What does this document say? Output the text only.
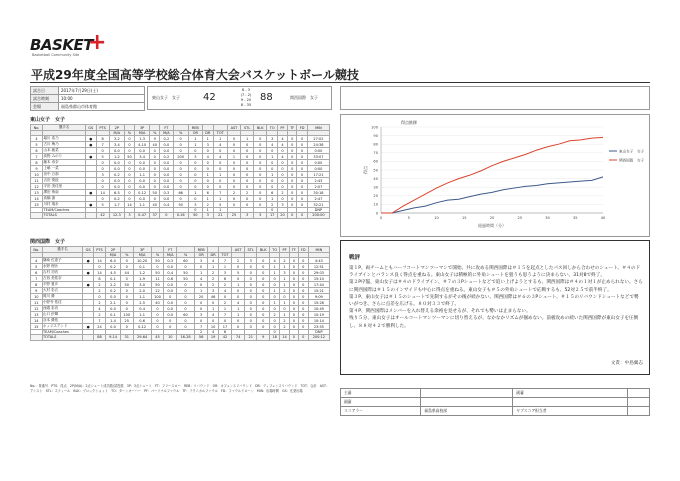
BASKET
+
Basketball Community Site
平成29年度全国高等学校総合体育大会バスケットボール競技
試合日	2017年7月29日(土)
試合時刻	10:00
会場	福島県郡山市体育館
東山女子　女子 42
8 - 3
(7 - 2)
9 - 20
8 - 35
88	関西国際　女子
東山女子　女子
No.	選手名	GS	PTS	2P		3P		FT		REB			AST	STL	BLK	TO	PF	TF	FD	MIN
				M/A	%	M/A	%	M/A	%	OR	DR	TOT								
4	堀川 浩乃	●	8	3-2	0	1-3	9	0-2	0	1	1	1	0	1	0	3	4	0	0	27:02
5	古川 梅乃	●	7	3-4	0	4-10	40	0-0	0	1	3	4	0	0	0	4	4	0	0	24:38
6	山本 綾菜		0	0-0	0	0-0	0	0-0	0	0	0	0	0	0	0	0	0	0	0	0:00
7	高野 みのり	●	5	1-2	50	3-4	0	0-2	200	3	4	4	1	0	0	1	4	0	0	33:07
8	藤本 寿奈		0	0-0	0	0-0	0	0-0	0	0	0	0	0	0	0	0	0	0	0	0:00
9	上嶋 一菜		0	0-0	0	0-0	0	0-0	0	0	0	0	0	0	0	0	0	0	0	0:00
10	田中 万那		3	0-2	0	1-1	0	0-0	0	0	1	1	0	0	0	1	0	0	0	17:21
11	吉田 梨絵		0	0-0	0	0-0	0	0-0	0	0	0	0	0	0	0	0	0	0	0	2:43
12	平田 美佳里		0	0-0	0	0-0	0	0-0	0	0	0	0	0	0	0	0	0	0	0	2:07
13	澤田 侑南	●	14	6-5	0	0-12	50	0-3	66	1	6	7	2	2	0	6	2	0	0	30:18
14	高橋 凛		0	0-2	0	0-0	0	0-0	0	0	1	1	0	0	0	1	0	0	0	2:47
15	川村 瑞步	●	5	1-7	14	1-1	40	0-4	50	3	2	5	0	0	0	2	3	0	0	32:21
	TEAM/Coaches									0	1	1				0				DNP
	TOTALS		42	12-3	3	0-47	37	0	0-16	50	3	21	25	3	3	17	20	0	0	200:00
関西国際　女子
No.	選手名	GS	PTS	2P		3P		FT		REB			AST	STL	BLK	TO	PF	TF	FD	MIN
				M/A	%	M/A	%	M/A	%	OR	DR	TOT								
4	篠崎 佐恵子	●	14	6-0	0	10-20	50	0-3	60	3	4	7	2	3	0	4	2	0	0	4:43
5	水野 理沙		0	0-2	0	0-1	0	0-0	0	0	1	1	0	0	0	1	1	0	0	12:51
6	吉村 初音	●	14	4-5	44	1-2	50	0-4	50	1	2	3	5	0	0	1	3	0	0	29:03
7	古西 美佑奈		8	0-1	0	1-9	11	0-6	50	4	2	6	0	0	0	0	1	0	0	15:10
8	平野 夏歩	●	2	2-2	50	3-0	50	0-0	0	0	2	2	1	0	0	0	1	0	0	17:44
9	大村 彩衣		2	0-2	0	2-0	12	0-0	0	1	3	4	0	0	0	1	2	0	0	15:21
10	岡川 優		0	0-0	0	1-1	100	0	0	20	46	0	0	0	0	0	0	0	0	9:09
11	小野寺 佑佳		2	2-1	0	2-5	40	0-0	0	0	0	2	4	0	0	1	1	0	0	15:28
12	西端 彩音		4	0-0	0	0-4	0	0-0	0	0	1	1	1	0	0	0	0	0	0	10:49
13	山口 紗輝		2	0-1	100	1-1	0	0-0	60	3	4	7	1	0	0	2	1	0	0	10:19
14	谷本 優依		7	1-4	25	0-6	0	0	0	0	0	0	0	0	0	0	2	0	0	10:14
15	ホッジスアンド	●	24	0-0	0	0-12	0	0	0	7	10	17	0	0	0	0	2	0	0	23:55
	TEAM/Coaches									2	4	6				0				DNP
	TOTALS		88	9-14	31	29-64	45	10	16-28	56	19	42	74	21	9	18	14	0	0	200:12
No.：背番号　PTS：得点　2P(M/A)：2点シュート成功数/試投数　3P：3点シュート　FT：フリースロー　REB：リバウンド　OR：オフェンスリバウンド　DR：ディフェンスリバウンド　TOT：合計　AST：アシスト　STL：スティール　BLK：ブロックショット　TO：ターンオーバー　PF：パーソナルファウル　TF：テクニカルファウル　FD：ファウルドローン　MIN：出場時間　GS：先発出場
得点推移
0
10
20
30
40
50
60
70
80
90
100
0	5	10	15	20	25	30	35	40
経過時間（分）
得点
東山女子　女子
関西国際　女子
戦評

第１P、両チームともハーフコートマンツーマンで開始。共に攻める関西国際は＃１５を起点としたパス回しから合わせのシュート、＃４のドライブインとバランス良く得点を重ねる。東山女子は積極的に外角シュートを狙うも思うように決まらない。31対8で終了。

第２P序盤、東山女子は＃４のドライブイン、＃７の３Pシュートなどで追い上げようとするも、関西国際は＃４の１対１が止められない。さらに関西国際は＃１５のインサイドも中心に得点を重ねる。東山女子も＃５の外角シュートで応戦するも、52対２５で前半終了。

第３P、東山女子は＃１５のシュートで先制するがその後が続かない。関西国際は＃６の３Pシュート、＃１５のリバウンドシュートなどで勢いがつき、さらに点差を広げる。８０対３３で終了。

第４P、関西国際はメンバーを入れ替える余裕を見せるが、それでも勢いは止まらない。

残り５分、東山女子はオールコートマンツーマンに切り替えるが、なかなかリズムが掴めない。前板攻めの続いた関西国際が東山女子を圧倒し、８８対４２で勝利した。

文責：中島翼志
主審		副審	
副審			
スコアラー	福島県高校部	ヤブスコア担当者	
